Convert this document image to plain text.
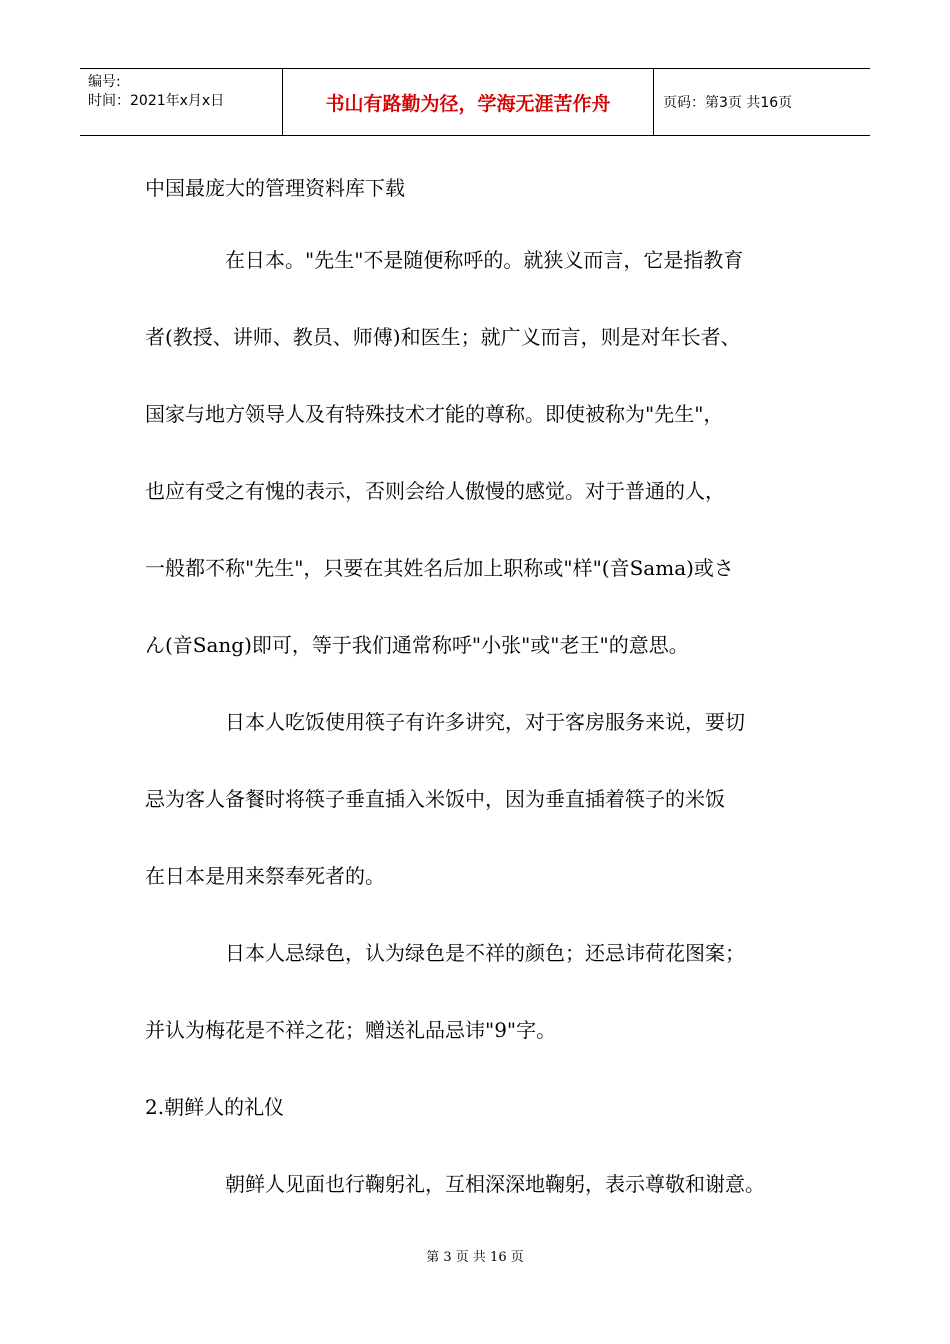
编号:
时间：2021年x月x日	书山有路勤为径，学海无涯苦作舟	页码：第3页 共16页

中国最庞大的管理资料库下载

在日本。"先生"不是随便称呼的。就狭义而言，它是指教育

者(教授、讲师、教员、师傅)和医生；就广义而言，则是对年长者、

国家与地方领导人及有特殊技术才能的尊称。即使被称为"先生"，

也应有受之有愧的表示，否则会给人傲慢的感觉。对于普通的人，

一般都不称"先生"，只要在其姓名后加上职称或"样"(音Sama)或さ

ん(音Sang)即可，等于我们通常称呼"小张"或"老王"的意思。

日本人吃饭使用筷子有许多讲究，对于客房服务来说，要切

忌为客人备餐时将筷子垂直插入米饭中，因为垂直插着筷子的米饭

在日本是用来祭奉死者的。

日本人忌绿色，认为绿色是不祥的颜色；还忌讳荷花图案；

并认为梅花是不祥之花；赠送礼品忌讳"9"字。

2.朝鲜人的礼仪

朝鲜人见面也行鞠躬礼，互相深深地鞠躬，表示尊敬和谢意。

第 3 页 共 16 页
